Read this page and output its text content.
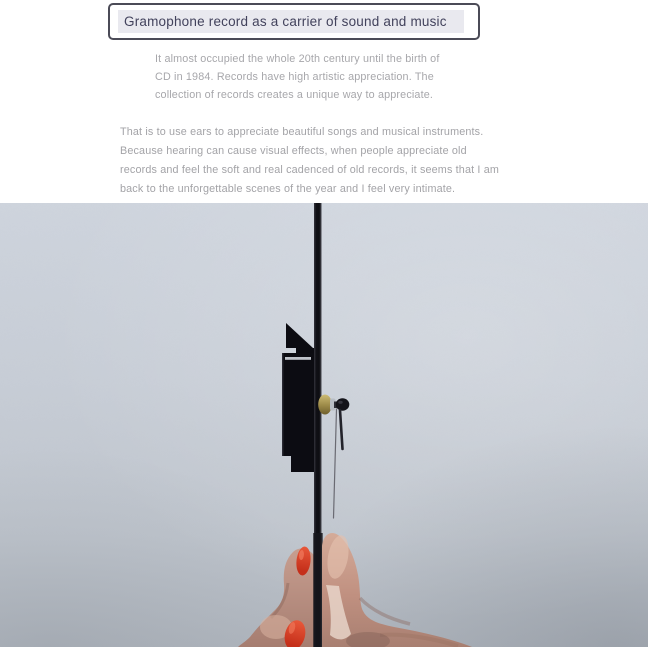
Gramophone record as a carrier of sound and music
It almost occupied the whole 20th century until the birth of
CD in 1984. Records have high artistic appreciation. The
collection of records creates a unique way to appreciate.
That is to use ears to appreciate beautiful songs and musical instruments.
Because hearing can cause visual effects, when people appreciate old
records and feel the soft and real cadenced of old records, it seems that I am
back to the unforgettable scenes of the year and I feel very intimate.
